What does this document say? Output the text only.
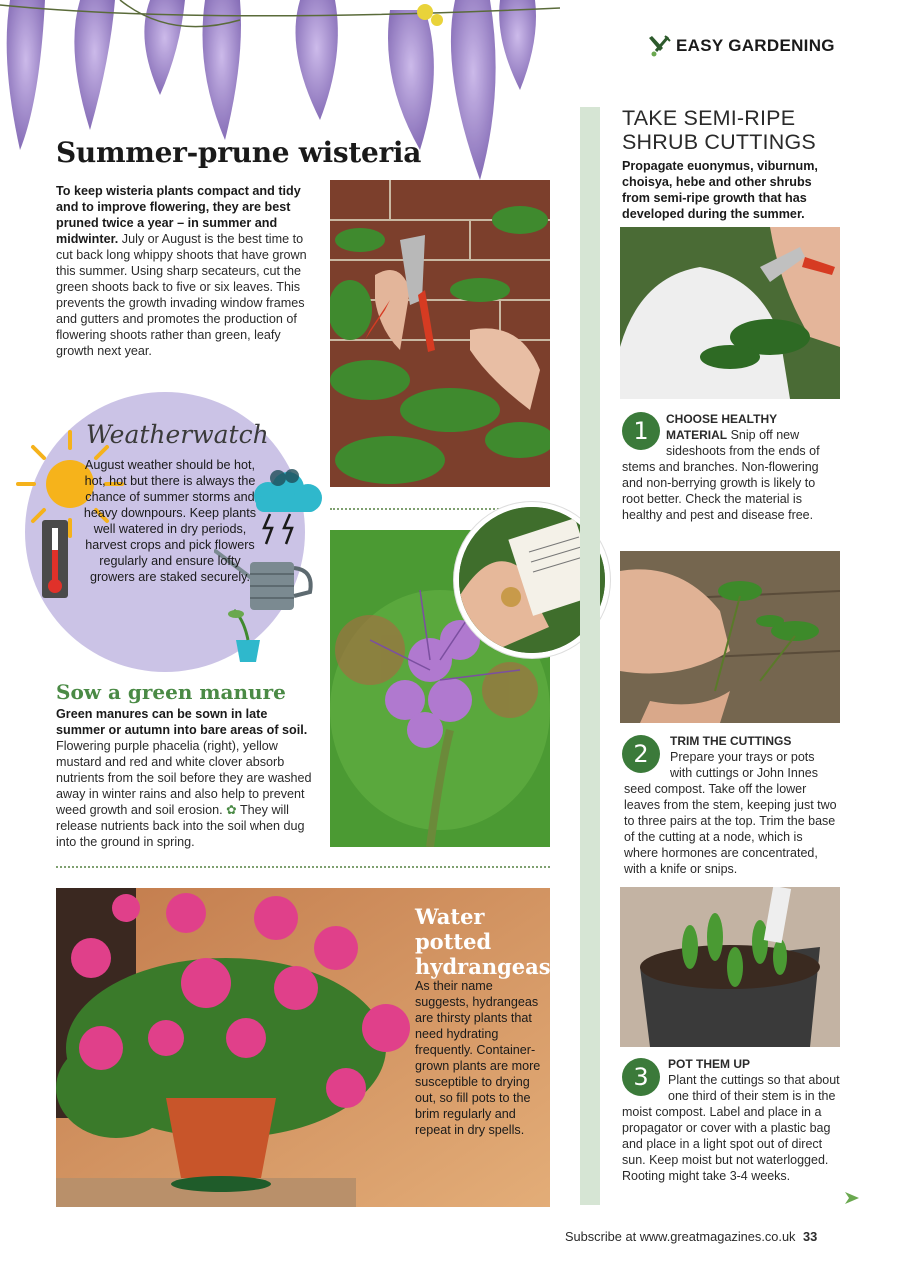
EASY GARDENING
Summer-prune wisteria
To keep wisteria plants compact and tidy and to improve flowering, they are best pruned twice a year – in summer and midwinter. July or August is the best time to cut back long whippy shoots that have grown this summer. Using sharp secateurs, cut the green shoots back to five or six leaves. This prevents the growth invading window frames and gutters and promotes the production of flowering shoots rather than green, leafy growth next year.
Weatherwatch
August weather should be hot, hot, hot but there is always the chance of summer storms and heavy downpours. Keep plants well watered in dry periods, harvest crops and pick flowers regularly and ensure lofty growers are staked securely.
Sow a green manure
Green manures can be sown in late summer or autumn into bare areas of soil. Flowering purple phacelia (right), yellow mustard and red and white clover absorb nutrients from the soil before they are washed away in winter rains and also help to prevent weed growth and soil erosion. ✿ They will release nutrients back into the soil when dug into the ground in spring.
Water potted hydrangeas
As their name suggests, hydrangeas are thirsty plants that need hydrating frequently. Container-grown plants are more susceptible to drying out, so fill pots to the brim regularly and repeat in dry spells.
TAKE SEMI-RIPE SHRUB CUTTINGS
Propagate euonymus, viburnum, choisya, hebe and other shrubs from semi-ripe growth that has developed during the summer.
1	CHOOSE HEALTHY MATERIAL Snip off new sideshoots from the ends of stems and branches. Non-flowering and non-berrying growth is likely to root better. Check the material is healthy and pest and disease free.
2	TRIM THE CUTTINGS
Prepare your trays or pots with cuttings or John Innes seed compost. Take off the lower leaves from the stem, keeping just two to three pairs at the top. Trim the base of the cutting at a node, which is where hormones are concentrated, with a knife or snips.
3	POT THEM UP
Plant the cuttings so that about one third of their stem is in the moist compost. Label and place in a propagator or cover with a plastic bag and place in a light spot out of direct sun. Keep moist but not waterlogged. Rooting might take 3-4 weeks.
Subscribe at www.greatmagazines.co.uk 33
